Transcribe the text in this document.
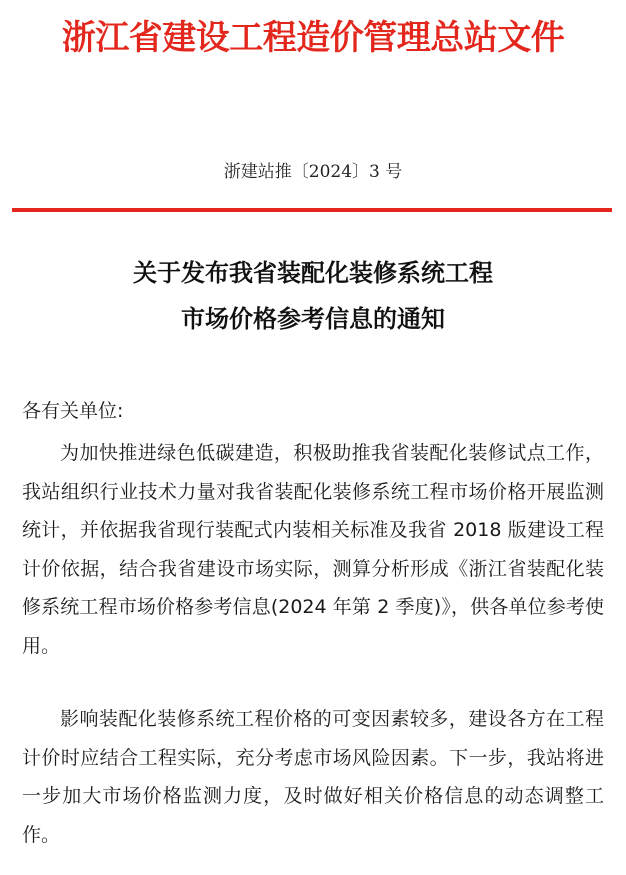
浙江省建设工程造价管理总站文件
浙建站推〔2024〕3 号
关于发布我省装配化装修系统工程
市场价格参考信息的通知
各有关单位:
为加快推进绿色低碳建造，积极助推我省装配化装修试点工作，我站组织行业技术力量对我省装配化装修系统工程市场价格开展监测统计，并依据我省现行装配式内装相关标准及我省 2018 版建设工程计价依据，结合我省建设市场实际，测算分析形成《浙江省装配化装修系统工程市场价格参考信息(2024 年第 2 季度)》，供各单位参考使用。
影响装配化装修系统工程价格的可变因素较多，建设各方在工程计价时应结合工程实际，充分考虑市场风险因素。下一步，我站将进一步加大市场价格监测力度，及时做好相关价格信息的动态调整工作。
